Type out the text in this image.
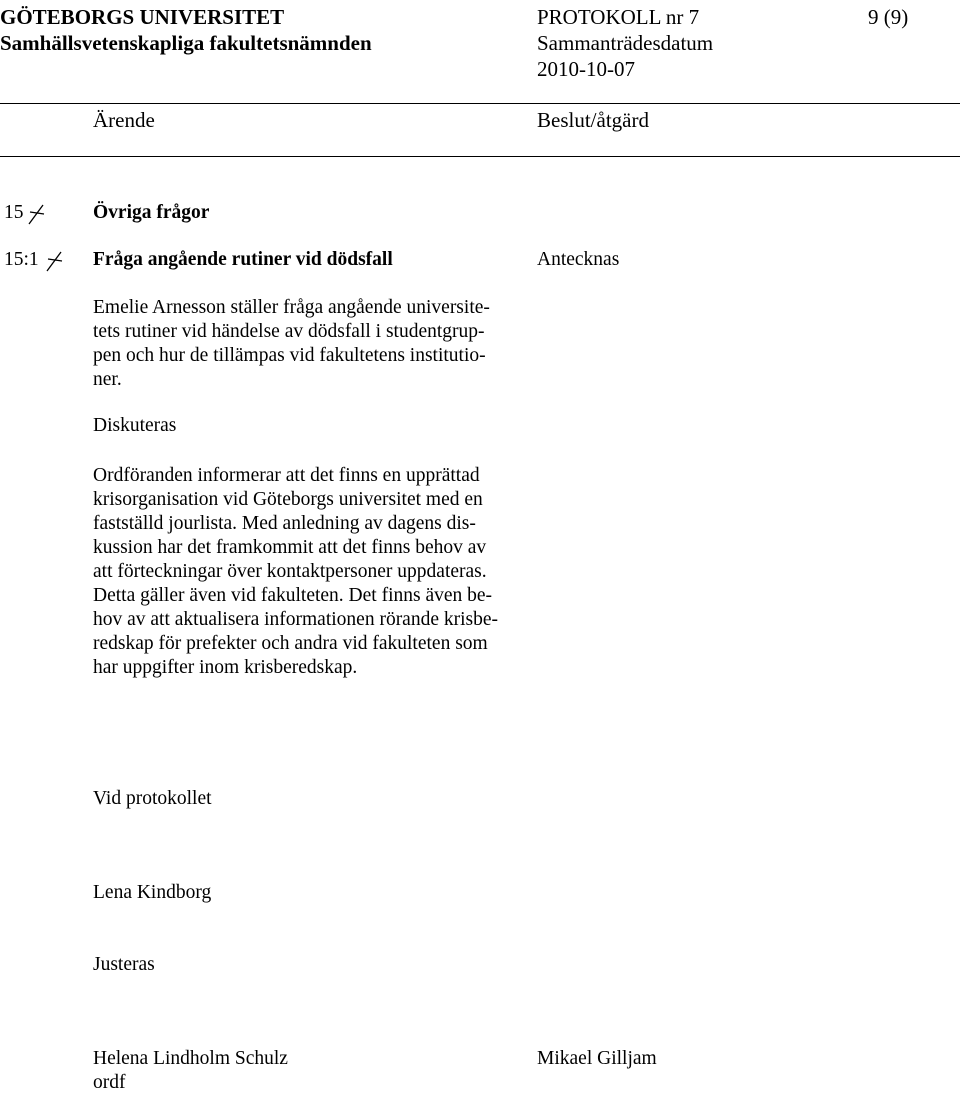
GÖTEBORGS UNIVERSITET
Samhällsvetenskapliga fakultetsnämnden
PROTOKOLL nr 7
Sammanträdesdatum
2010-10-07
9 (9)
Ärende	Beslut/åtgärd
15	Övriga frågor
15:1	Fråga angående rutiner vid dödsfall	Antecknas
Emelie Arnesson ställer fråga angående universite-
tets rutiner vid händelse av dödsfall i studentgrup-
pen och hur de tillämpas vid fakultetens institutio-
ner.
Diskuteras
Ordföranden informerar att det finns en upprättad
krisorganisation vid Göteborgs universitet med en
fastställd jourlista. Med anledning av dagens dis-
kussion har det framkommit att det finns behov av
att förteckningar över kontaktpersoner uppdateras.
Detta gäller även vid fakulteten. Det finns även be-
hov av att aktualisera informationen rörande krisbe-
redskap för prefekter och andra vid fakulteten som
har uppgifter inom krisberedskap.
Vid protokollet
Lena Kindborg
Justeras
Helena Lindholm Schulz
ordf
Mikael Gilljam
